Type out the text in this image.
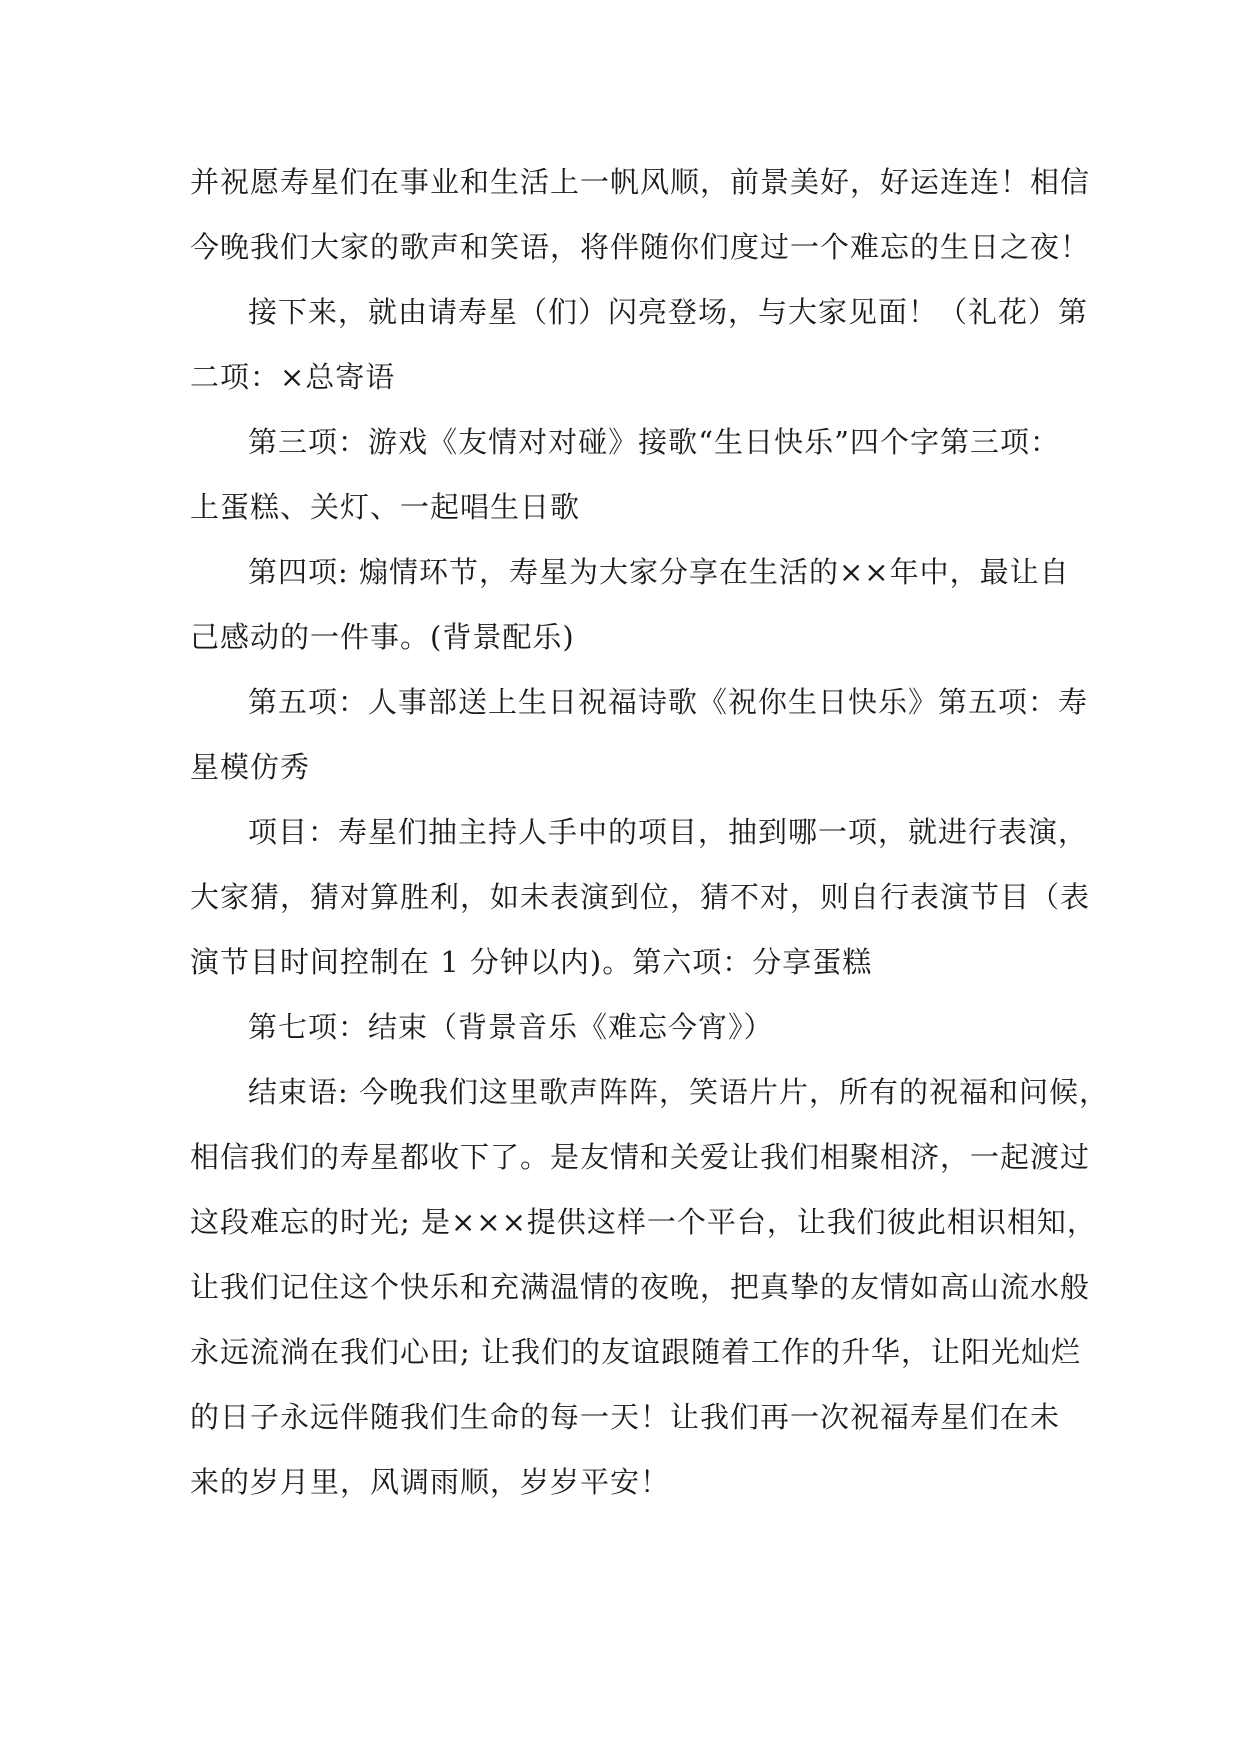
并祝愿寿星们在事业和生活上一帆风顺，前景美好，好运连连！相信
今晚我们大家的歌声和笑语，将伴随你们度过一个难忘的生日之夜！
接下来，就由请寿星（们）闪亮登场，与大家见面！（礼花）第
二项：×总寄语
第三项：游戏《友情对对碰》接歌“生日快乐”四个字第三项：
上蛋糕、关灯、一起唱生日歌
第四项: 煽情环节，寿星为大家分享在生活的××年中，最让自
己感动的一件事。(背景配乐)
第五项：人事部送上生日祝福诗歌《祝你生日快乐》第五项：寿
星模仿秀
项目：寿星们抽主持人手中的项目，抽到哪一项，就进行表演，
大家猜，猜对算胜利，如未表演到位，猜不对，则自行表演节目（表
演节目时间控制在 1 分钟以内)。第六项：分享蛋糕
第七项：结束（背景音乐《难忘今宵》）
结束语: 今晚我们这里歌声阵阵，笑语片片，所有的祝福和问候，
相信我们的寿星都收下了。是友情和关爱让我们相聚相济，一起渡过
这段难忘的时光; 是×××提供这样一个平台，让我们彼此相识相知，
让我们记住这个快乐和充满温情的夜晚，把真挚的友情如高山流水般
永远流淌在我们心田; 让我们的友谊跟随着工作的升华，让阳光灿烂
的日子永远伴随我们生命的每一天！让我们再一次祝福寿星们在未
来的岁月里，风调雨顺，岁岁平安！
